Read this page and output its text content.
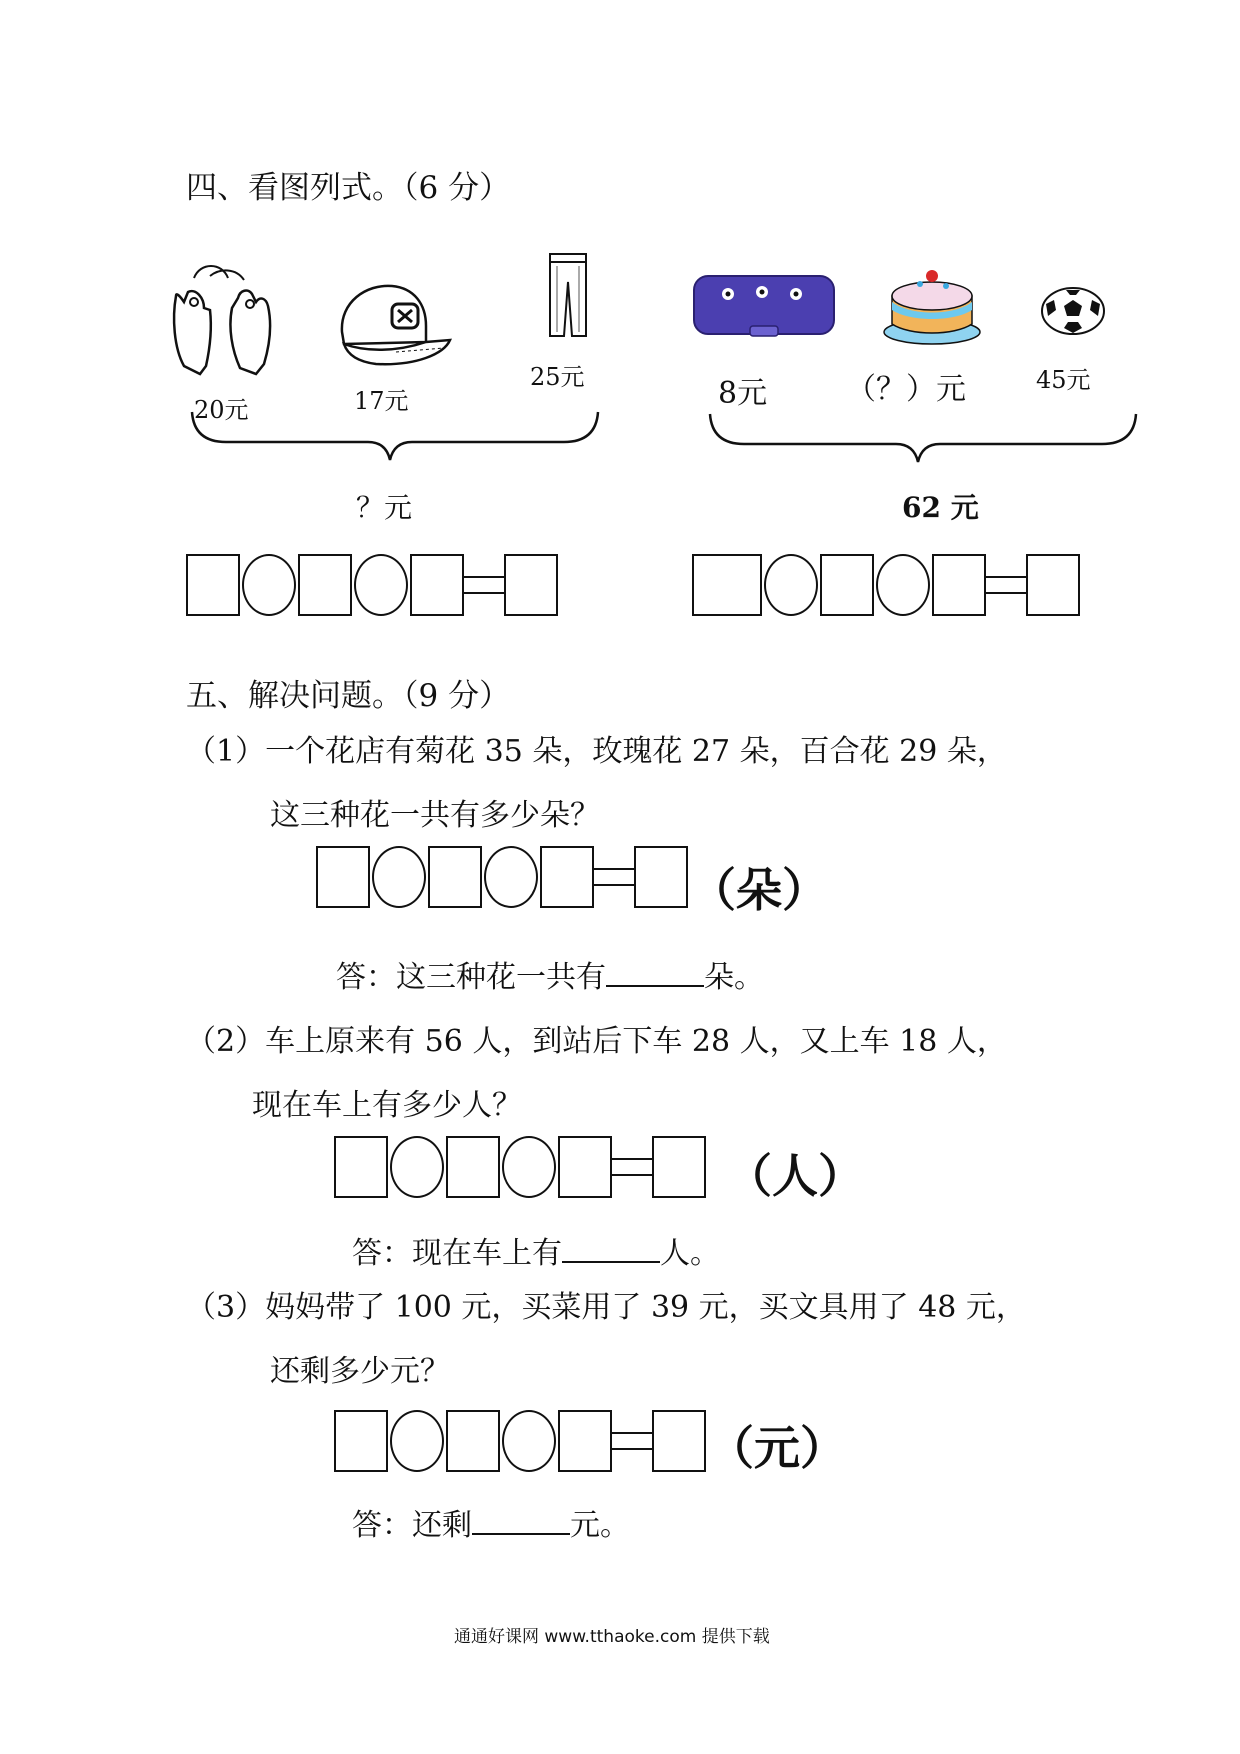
四、看图列式。（6 分）
20元	17元
25元
？元
8元	（？）元	45元
62 元
五、解决问题。（9 分）
（1）一个花店有菊花 35 朵，玫瑰花 27 朵，百合花 29 朵，
这三种花一共有多少朵？
（朵）
答：这三种花一共有	朵。
（2）车上原来有 56 人，到站后下车 28 人，又上车 18 人，
现在车上有多少人？
（人）
答：现在车上有	人。
（3）妈妈带了 100 元，买菜用了 39 元，买文具用了 48 元，
还剩多少元？
（元）
答：还剩	元。
通通好课网 www.tthaoke.com 提供下载
